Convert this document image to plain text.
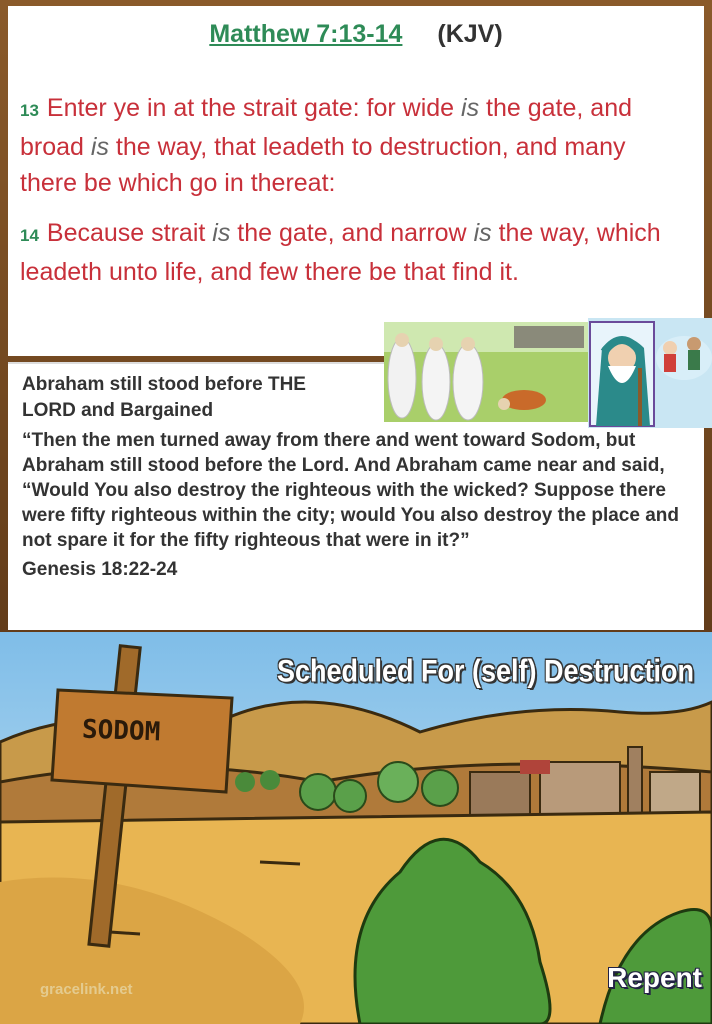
Matthew 7:13-14 (KJV)

13 Enter ye in at the strait gate: for wide is the gate, and broad is the way, that leadeth to destruction, and many there be which go in thereat:

14 Because strait is the gate, and narrow is the way, which leadeth unto life, and few there be that find it.

Abraham still stood before THE LORD and Bargained
“Then the men turned away from there and went toward Sodom, but Abraham still stood before the Lord. And Abraham came near and said, “Would You also destroy the righteous with the wicked? Suppose there were fifty righteous within the city; would You also destroy the place and not spare it for the fifty righteous that were in it?”
Genesis 18:22-24
SODOM
Scheduled For (self) Destruction
gracelink.net	Repent
